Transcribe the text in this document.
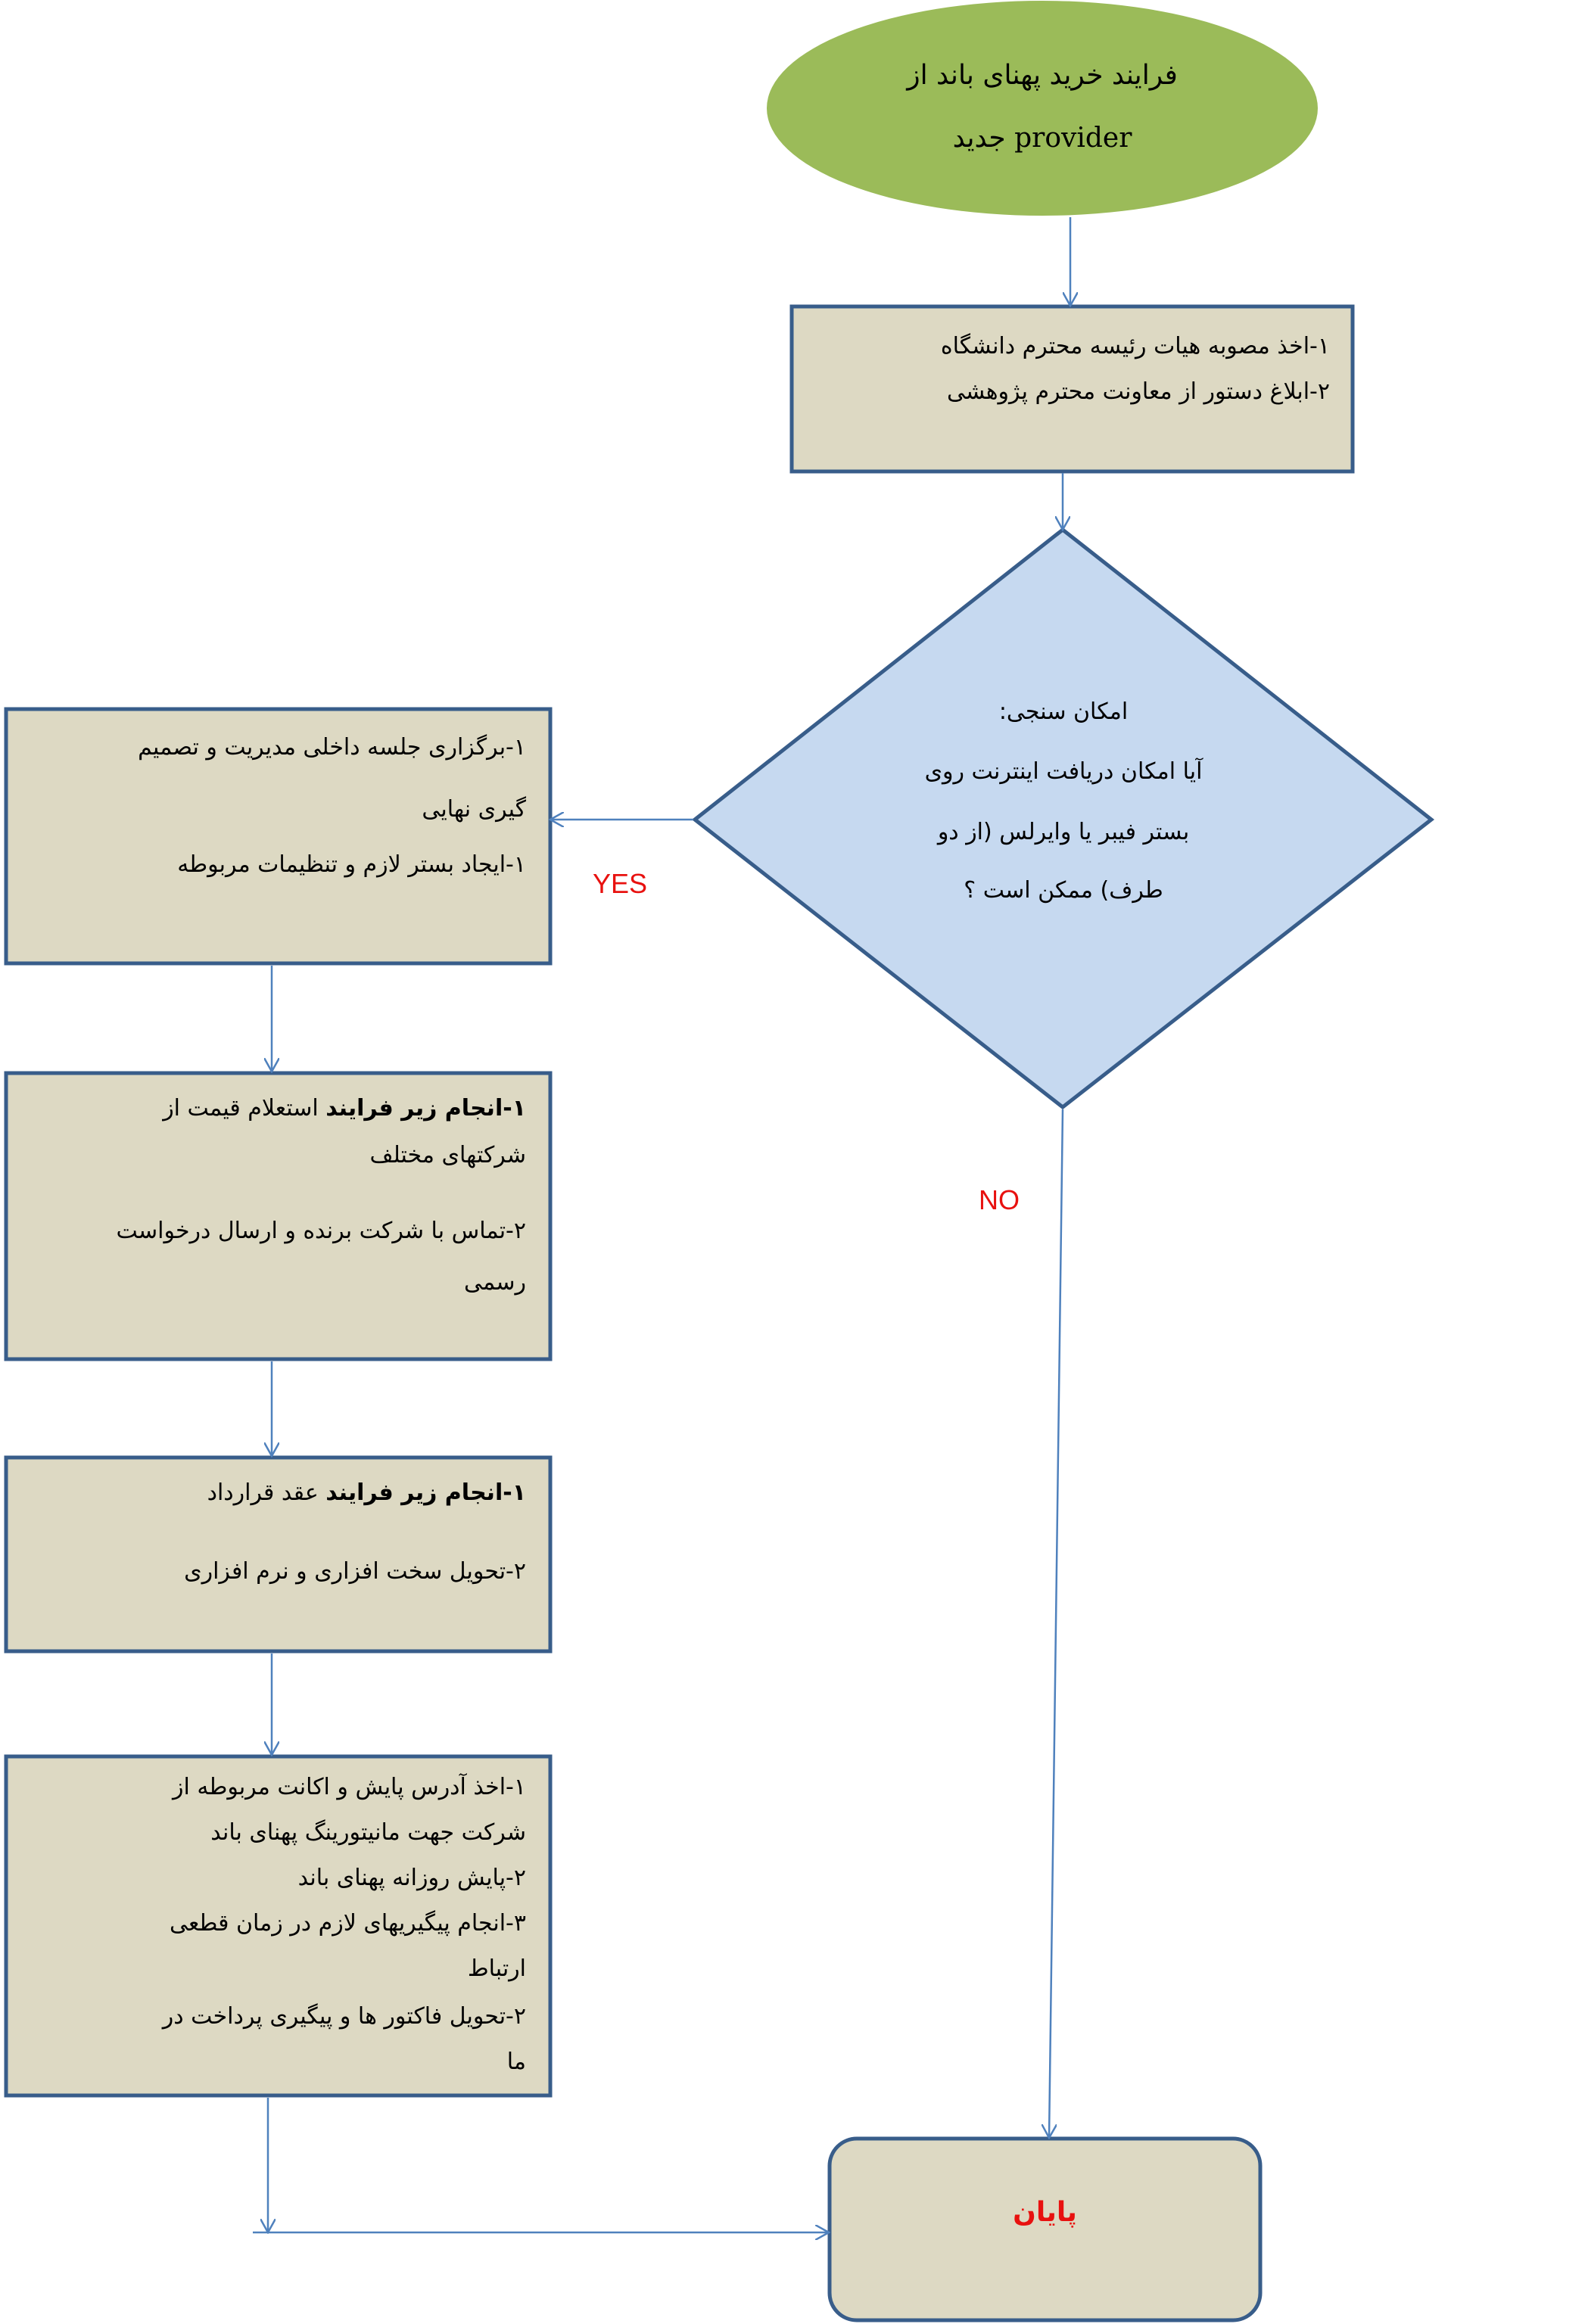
فرایند خرید پهنای باند از
provider جدید
۱-اخذ مصوبه هیات رئیسه محترم دانشگاه
۲-ابلاغ دستور از معاونت محترم پژوهشی
امکان سنجی:
آیا امکان دریافت اینترنت روی
بستر فیبر یا وایرلس (از دو
طرف) ممکن است ؟
YES
NO
۱-برگزاری جلسه داخلی مدیریت و تصمیم
گیری نهایی
۱-ایجاد بستر لازم و تنظیمات مربوطه
۱-انجام زیر فرایند استعلام قیمت از
شرکتهای مختلف
۲-تماس با شرکت برنده و ارسال درخواست
رسمی
۱-انجام زیر فرایند عقد قرارداد
۲-تحویل سخت افزاری و نرم افزاری
۱-اخذ آدرس پایش و اکانت مربوطه از
شرکت جهت مانیتورینگ پهنای باند
۲-پایش روزانه پهنای باند
۳-انجام پیگیریهای لازم در زمان قطعی
ارتباط
۲-تحویل فاکتور ها و پیگیری پرداخت در
ما
پایان
